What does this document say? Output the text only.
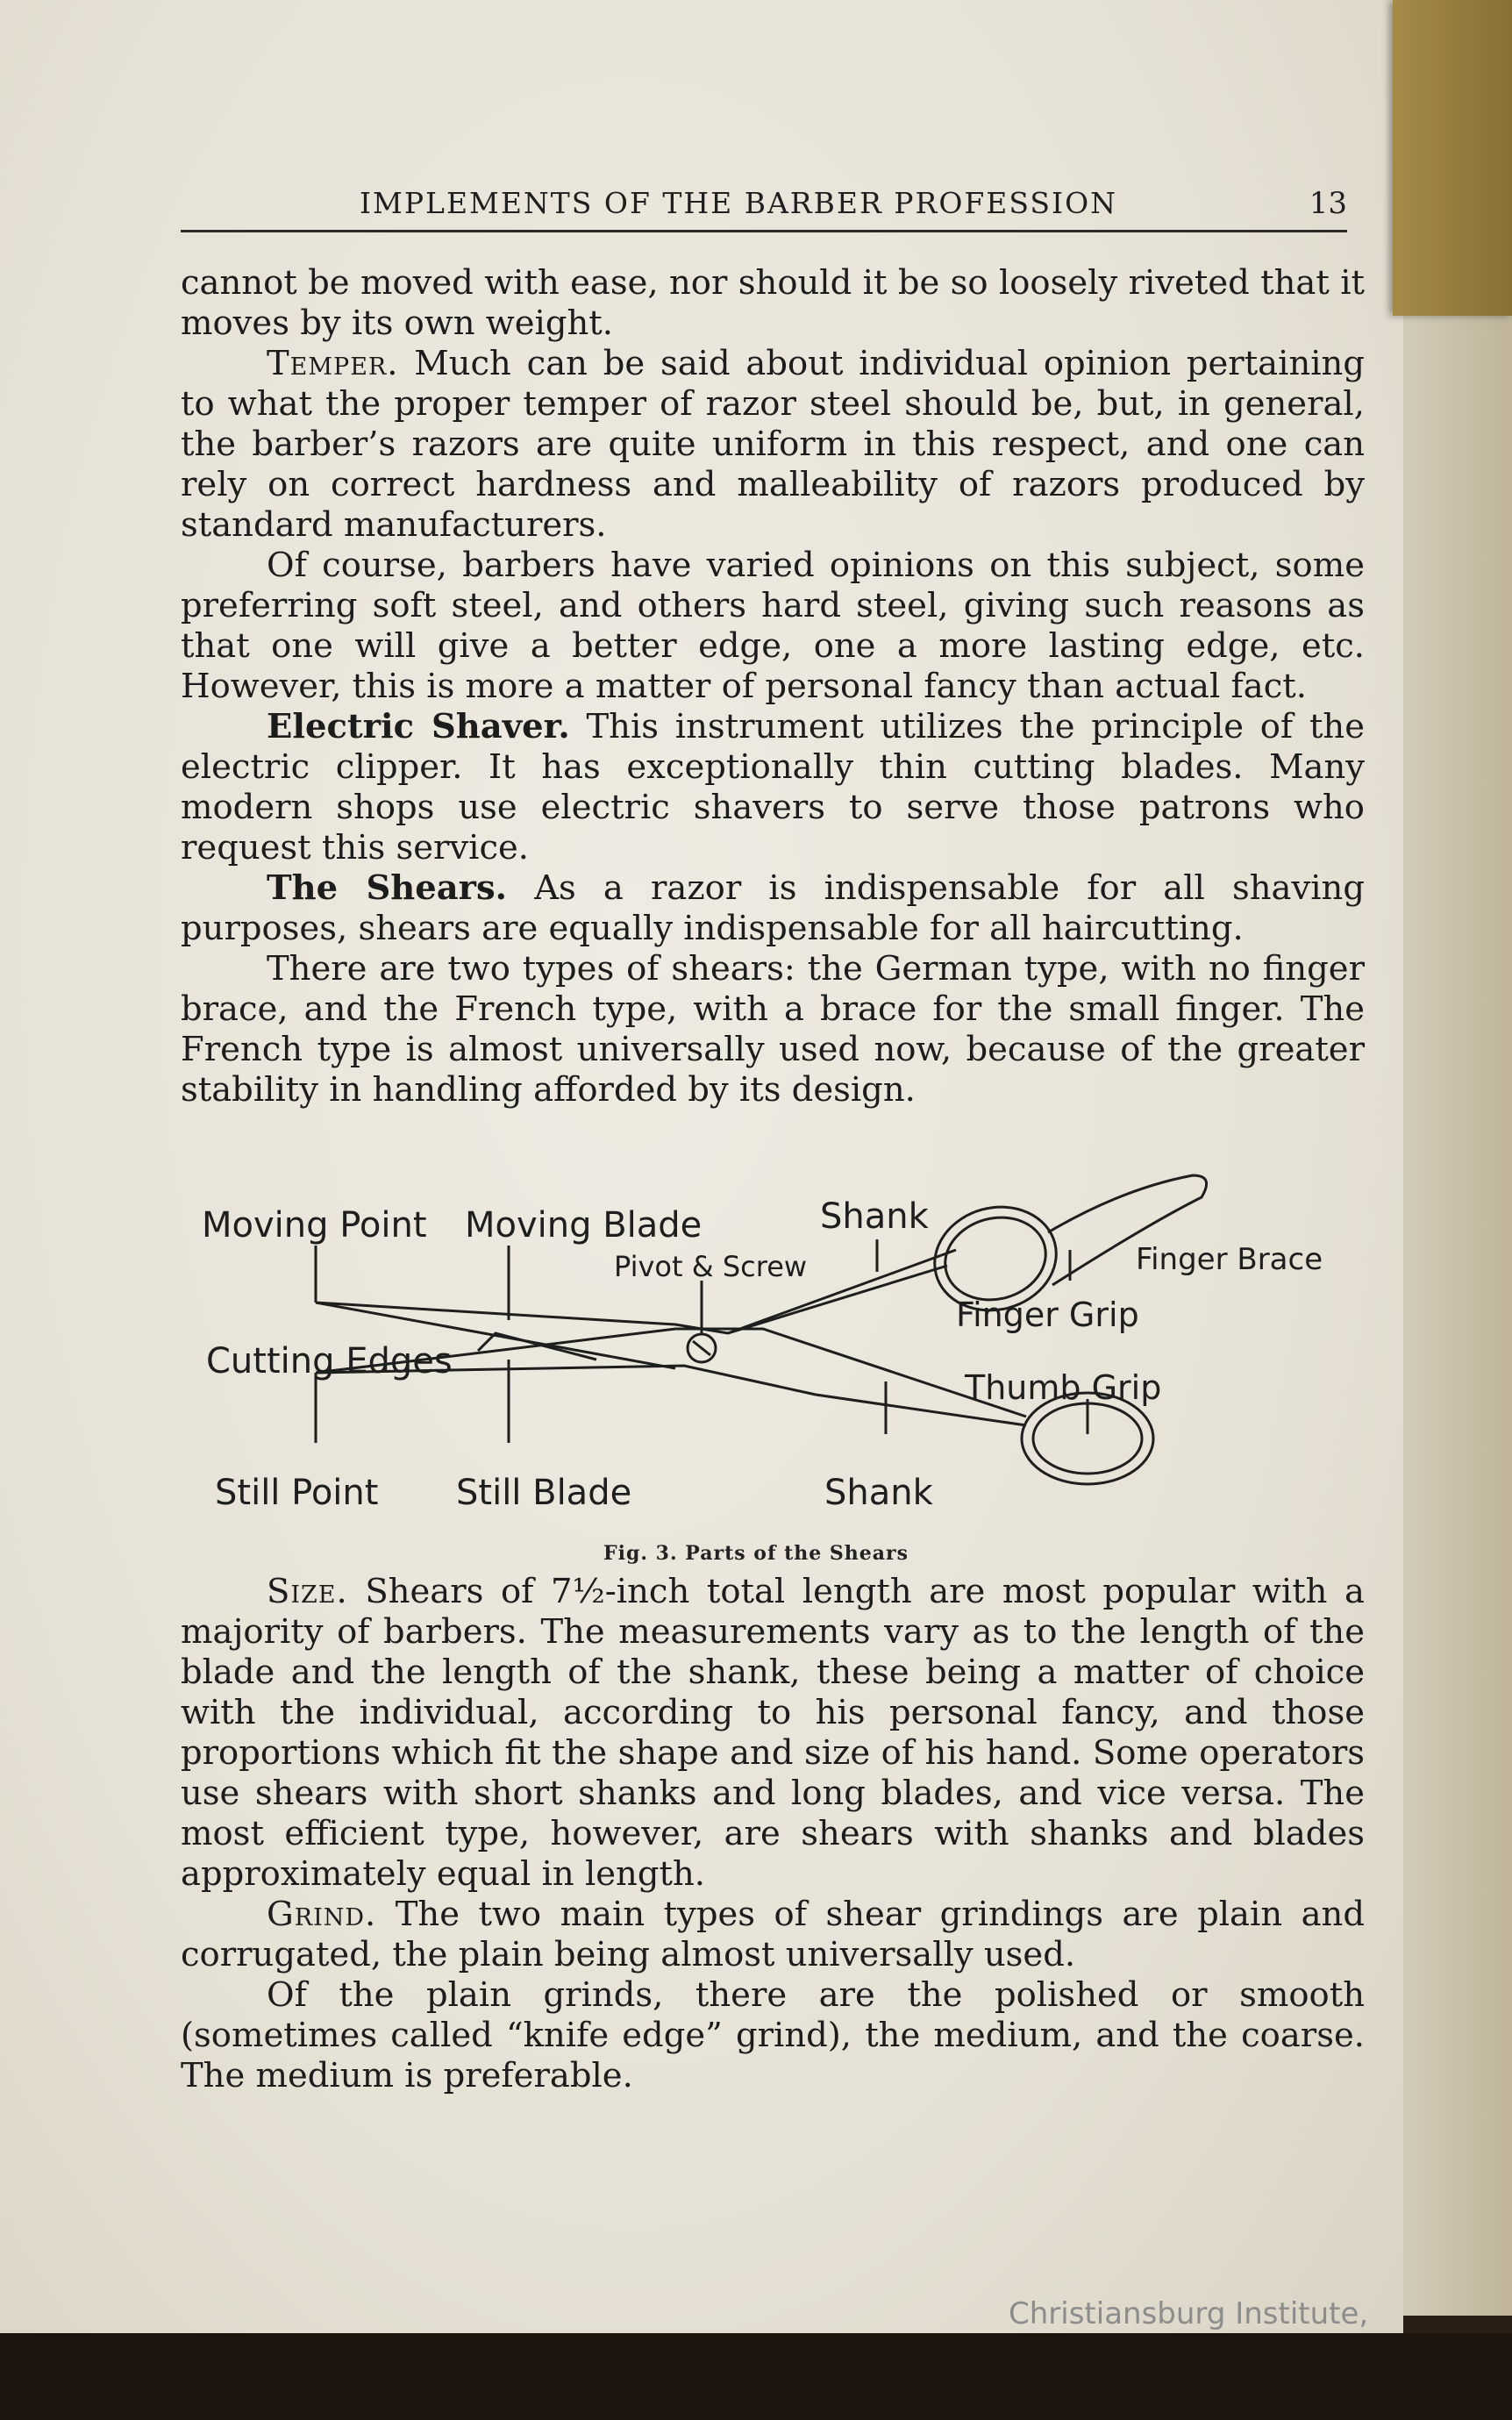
IMPLEMENTS OF THE BARBER PROFESSION	13

cannot be moved with ease, nor should it be so loosely riveted that it moves by its own weight.

Temper. Much can be said about individual opinion pertaining to what the proper temper of razor steel should be, but, in general, the barber’s razors are quite uniform in this respect, and one can rely on correct hardness and malleability of razors produced by standard manufacturers.

Of course, barbers have varied opinions on this subject, some preferring soft steel, and others hard steel, giving such reasons as that one will give a better edge, one a more lasting edge, etc. However, this is more a matter of personal fancy than actual fact.

Electric Shaver. This instrument utilizes the principle of the electric clipper. It has exceptionally thin cutting blades. Many modern shops use electric shavers to serve those patrons who request this service.

The Shears. As a razor is indispensable for all shaving purposes, shears are equally indispensable for all haircutting.

There are two types of shears: the German type, with no finger brace, and the French type, with a brace for the small finger. The French type is almost universally used now, because of the greater stability in handling afforded by its design.

Moving Point Moving Blade	Shank
Finger Brace
Finger Grip
Cutting Edges
Thumb Grip
Still Point Still Blade	Shank
Pivot & Screw
Fig. 3. Parts of the Shears

Size. Shears of 7½-inch total length are most popular with a majority of barbers. The measurements vary as to the length of the blade and the length of the shank, these being a matter of choice with the individual, according to his personal fancy, and those proportions which fit the shape and size of his hand. Some operators use shears with short shanks and long blades, and vice versa. The most efficient type, however, are shears with shanks and blades approximately equal in length.

Grind. The two main types of shear grindings are plain and corrugated, the plain being almost universally used.

Of the plain grinds, there are the polished or smooth (sometimes called “knife edge” grind), the medium, and the coarse. The medium is preferable.

Christiansburg Institute,
